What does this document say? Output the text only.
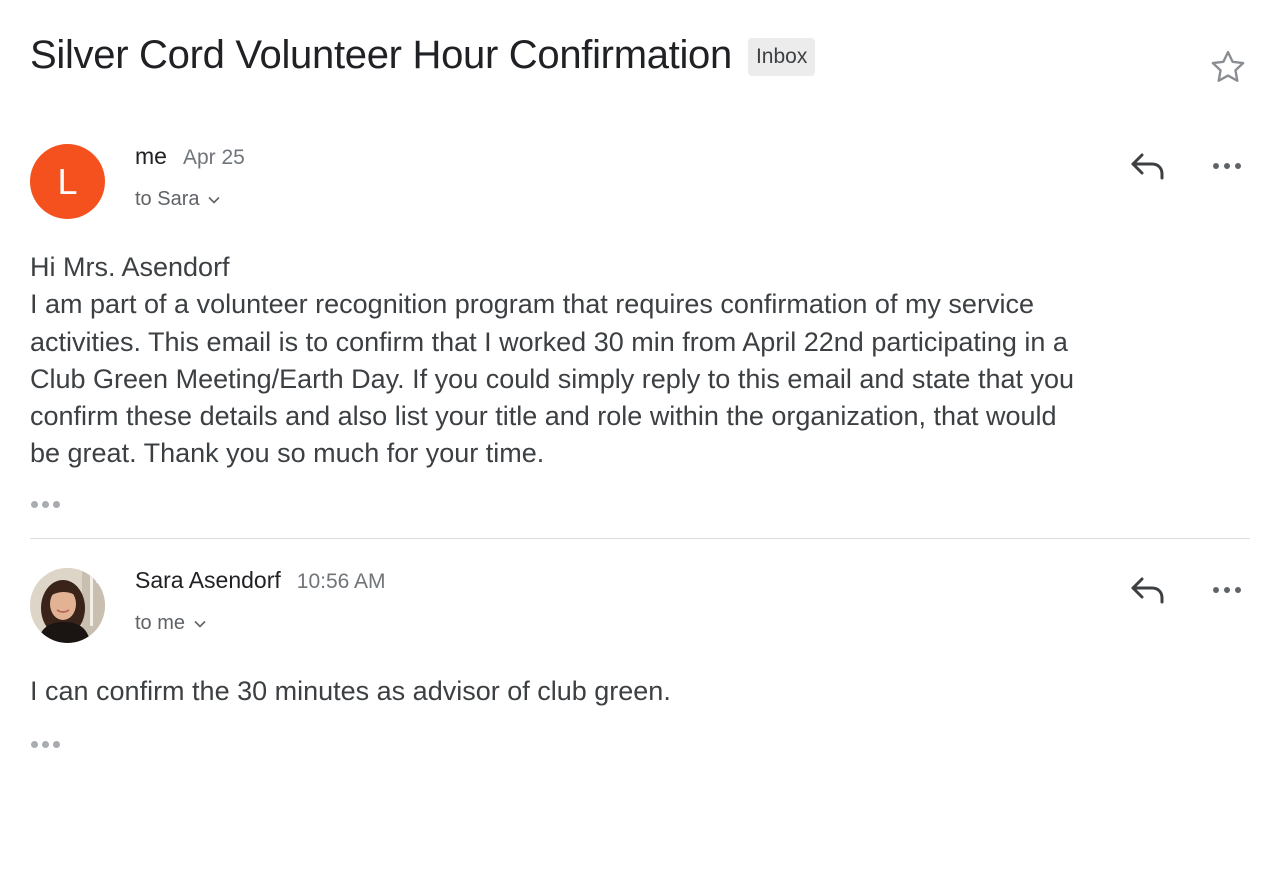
Silver Cord Volunteer Hour Confirmation	Inbox
L
me Apr 25
to Sara
Hi Mrs. Asendorf
I am part of a volunteer recognition program that requires confirmation of my service
activities. This email is to confirm that I worked 30 min from April 22nd participating in a
Club Green Meeting/Earth Day. If you could simply reply to this email and state that you
confirm these details and also list your title and role within the organization, that would
be great. Thank you so much for your time.
Sara Asendorf 10:56 AM
to me
I can confirm the 30 minutes as advisor of club green.
